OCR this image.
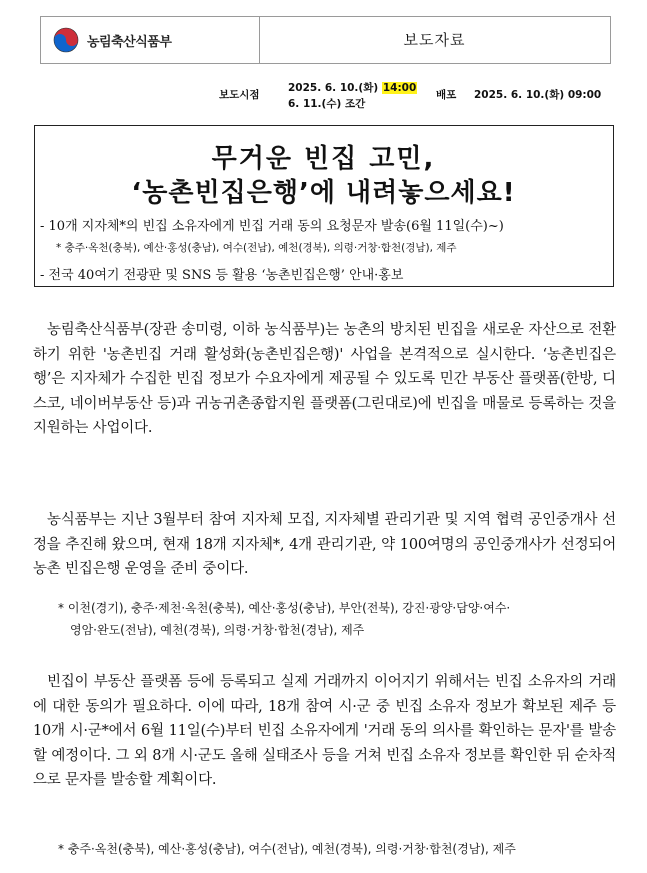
농림축산식품부	보도자료
보도시점
2025. 6. 10.(화) 14:00
6. 11.(수) 조간
배포 2025. 6. 10.(화) 09:00
무거운 빈집 고민,
‘농촌빈집은행’에 내려놓으세요!
- 10개 지자체*의 빈집 소유자에게 빈집 거래 동의 요청문자 발송(6월 11일(수)~)
* 충주·옥천(충북), 예산·홍성(충남), 여수(전남), 예천(경북), 의령·거창·합천(경남), 제주
- 전국 40여기 전광판 및 SNS 등 활용 ‘농촌빈집은행’ 안내·홍보
농림축산식품부(장관 송미령, 이하 농식품부)는 농촌의 방치된 빈집을 새로운 자산으로 전환하기 위한 '농촌빈집 거래 활성화(농촌빈집은행)' 사업을 본격적으로 실시한다. ‘농촌빈집은행’은 지자체가 수집한 빈집 정보가 수요자에게 제공될 수 있도록 민간 부동산 플랫폼(한방, 디스코, 네이버부동산 등)과 귀농귀촌종합지원 플랫폼(그린대로)에 빈집을 매물로 등록하는 것을 지원하는 사업이다.
농식품부는 지난 3월부터 참여 지자체 모집, 지자체별 관리기관 및 지역 협력 공인중개사 선정을 추진해 왔으며, 현재 18개 지자체*, 4개 관리기관, 약 100여명의 공인중개사가 선정되어 농촌 빈집은행 운영을 준비 중이다.
* 이천(경기), 충주·제천·옥천(충북), 예산·홍성(충남), 부안(전북), 강진·광양·담양·여수·
영암·완도(전남), 예천(경북), 의령·거창·합천(경남), 제주
빈집이 부동산 플랫폼 등에 등록되고 실제 거래까지 이어지기 위해서는 빈집 소유자의 거래에 대한 동의가 필요하다. 이에 따라, 18개 참여 시·군 중 빈집 소유자 정보가 확보된 제주 등 10개 시·군*에서 6월 11일(수)부터 빈집 소유자에게 '거래 동의 의사를 확인하는 문자'를 발송할 예정이다. 그 외 8개 시·군도 올해 실태조사 등을 거쳐 빈집 소유자 정보를 확인한 뒤 순차적으로 문자를 발송할 계획이다.
* 충주·옥천(충북), 예산·홍성(충남), 여수(전남), 예천(경북), 의령·거창·합천(경남), 제주
